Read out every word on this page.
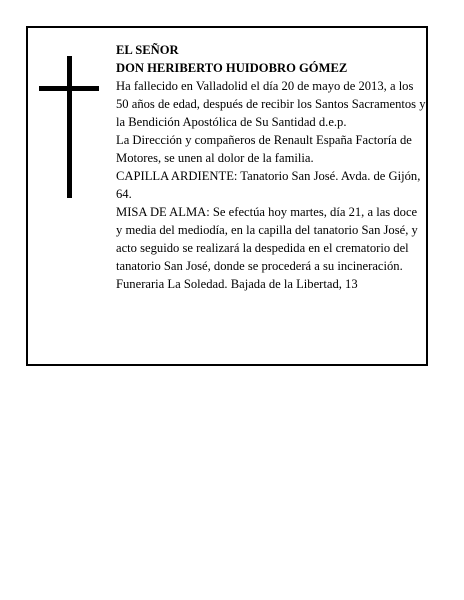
EL SEÑOR

DON HERIBERTO HUIDOBRO GÓMEZ

Ha fallecido en Valladolid el día 20 de mayo de 2013, a los 50 años de edad, después de recibir los Santos Sacramentos y la Bendición Apostólica de Su Santidad d.e.p.

La Dirección y compañeros de Renault España Factoría de Motores, se unen al dolor de la familia.

CAPILLA ARDIENTE: Tanatorio San José. Avda. de Gijón, 64.

MISA DE ALMA: Se efectúa hoy martes, día 21, a las doce y media del mediodía, en la capilla del tanatorio San José, y acto seguido se realizará la despedida en el crematorio del tanatorio San José, donde se procederá a su incineración.

Funeraria La Soledad. Bajada de la Libertad, 13
